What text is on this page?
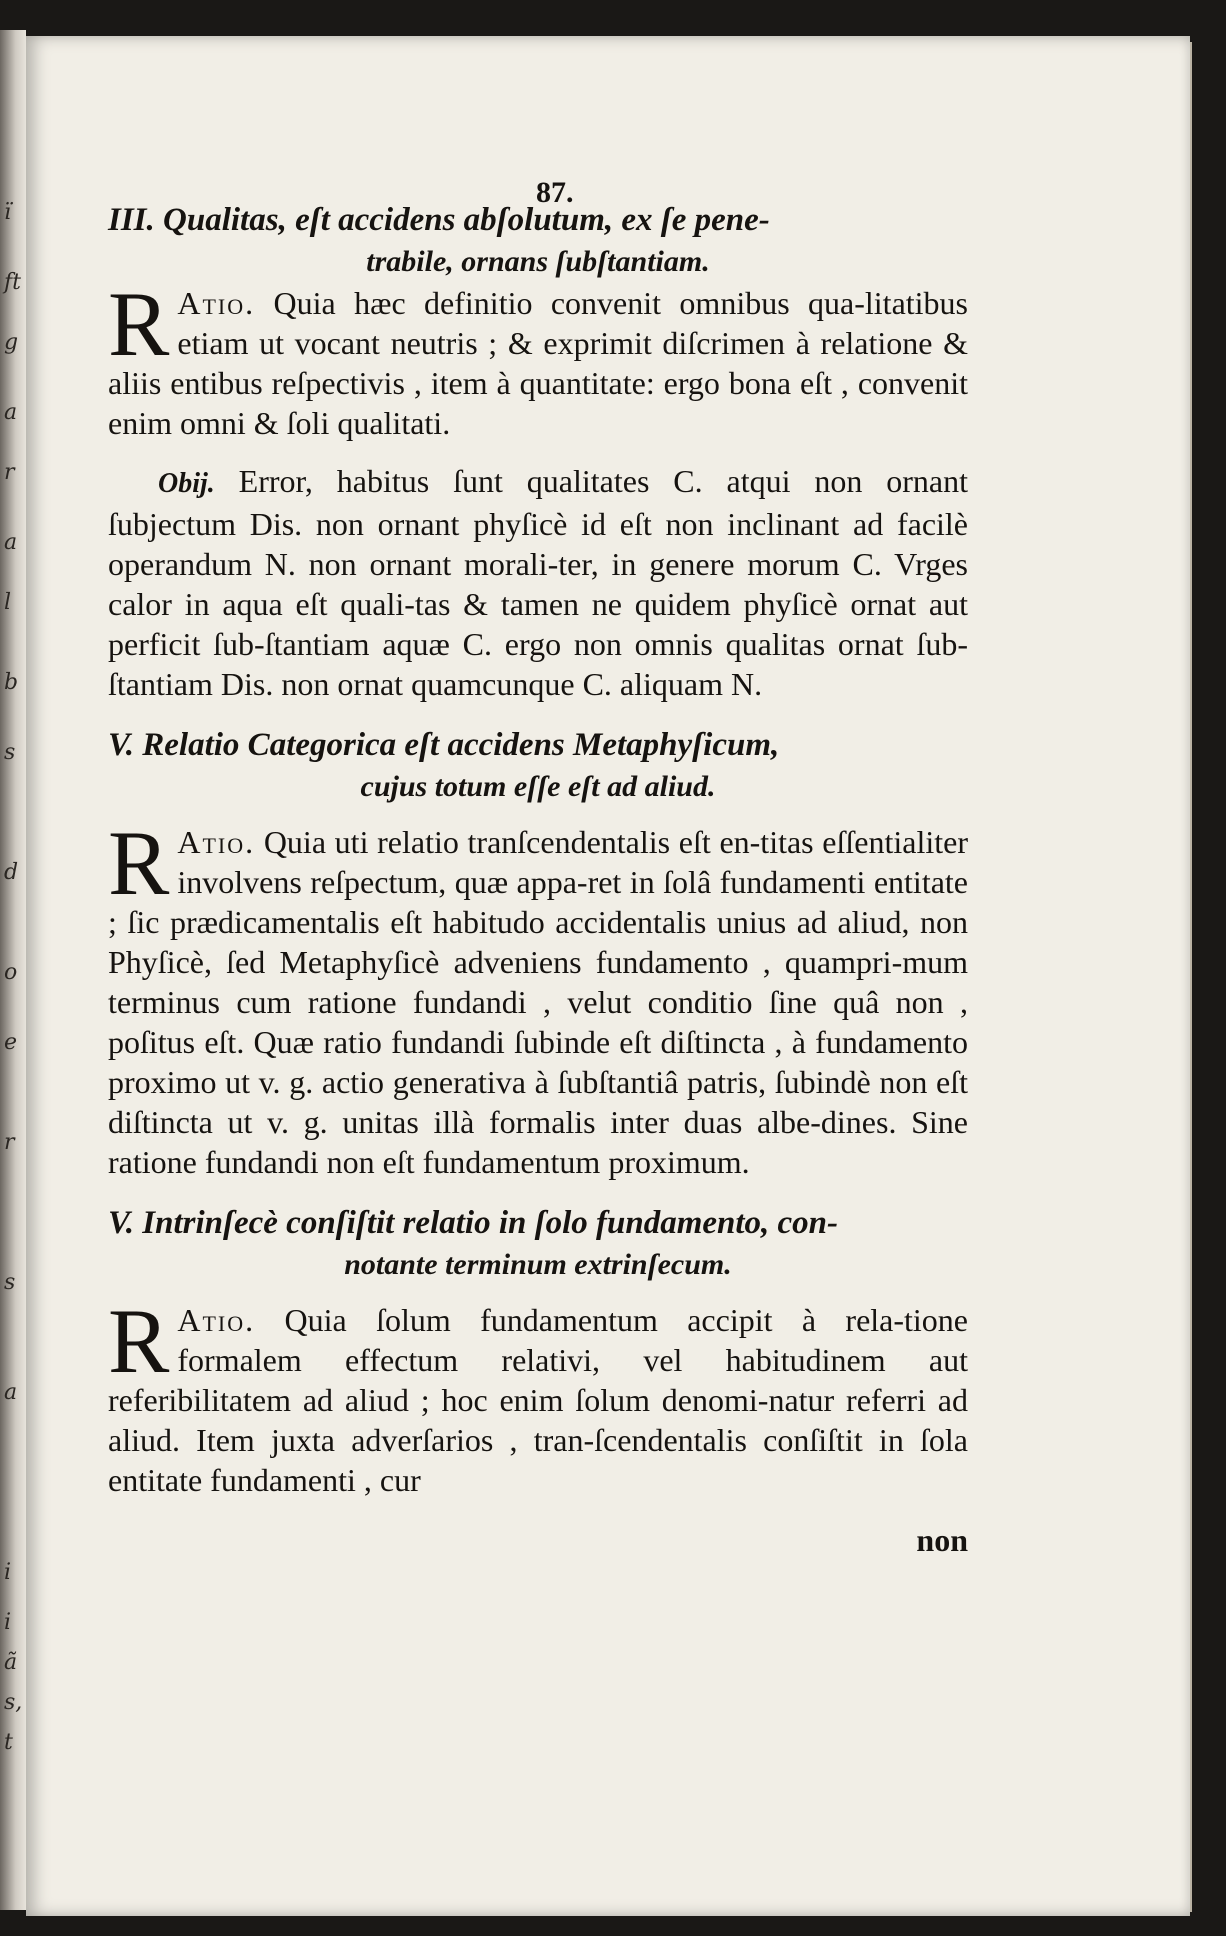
ï
ft
g
a
r
a
l
b
s
d
o
e
r
s
a
i
i
ã
s,
t
87.
III. Qualitas, eſt accidens abſolutum, ex ſe pene-
trabile, ornans ſubſtantiam.

R Atio. Quia hæc definitio convenit omnibus qua-litatibus etiam ut vocant neutris ; & exprimit diſcrimen à relatione & aliis entibus reſpectivis , item à quantitate: ergo bona eſt , convenit enim omni & ſoli qualitati.

Obij. Error, habitus ſunt qualitates C. atqui non ornant ſubjectum Dis. non ornant phyſicè id eſt non inclinant ad facilè operandum N. non ornant morali-ter, in genere morum C. Vrges calor in aqua eſt quali-tas & tamen ne quidem phyſicè ornat aut perficit ſub-ſtantiam aquæ C. ergo non omnis qualitas ornat ſub-ſtantiam Dis. non ornat quamcunque C. aliquam N.

V. Relatio Categorica eſt accidens Metaphyſicum,
cujus totum eſſe eſt ad aliud.

R Atio. Quia uti relatio tranſcendentalis eſt en-titas eſſentialiter involvens reſpectum, quæ appa-ret in ſolâ fundamenti entitate ; ſic prædicamentalis eſt habitudo accidentalis unius ad aliud, non Phyſicè, ſed Metaphyſicè adveniens fundamento , quampri-mum terminus cum ratione fundandi , velut conditio ſine quâ non , poſitus eſt. Quæ ratio fundandi ſubinde eſt diſtincta , à fundamento proximo ut v. g. actio generativa à ſubſtantiâ patris, ſubindè non eſt diſtincta ut v. g. unitas illà formalis inter duas albe-dines. Sine ratione fundandi non eſt fundamentum proximum.

V. Intrinſecè conſiſtit relatio in ſolo fundamento, con-
notante terminum extrinſecum.

R Atio. Quia ſolum fundamentum accipit à rela-tione formalem effectum relativi, vel habitudinem aut referibilitatem ad aliud ; hoc enim ſolum denomi-natur referri ad aliud. Item juxta adverſarios , tran-ſcendentalis conſiſtit in ſola entitate fundamenti , cur

non
